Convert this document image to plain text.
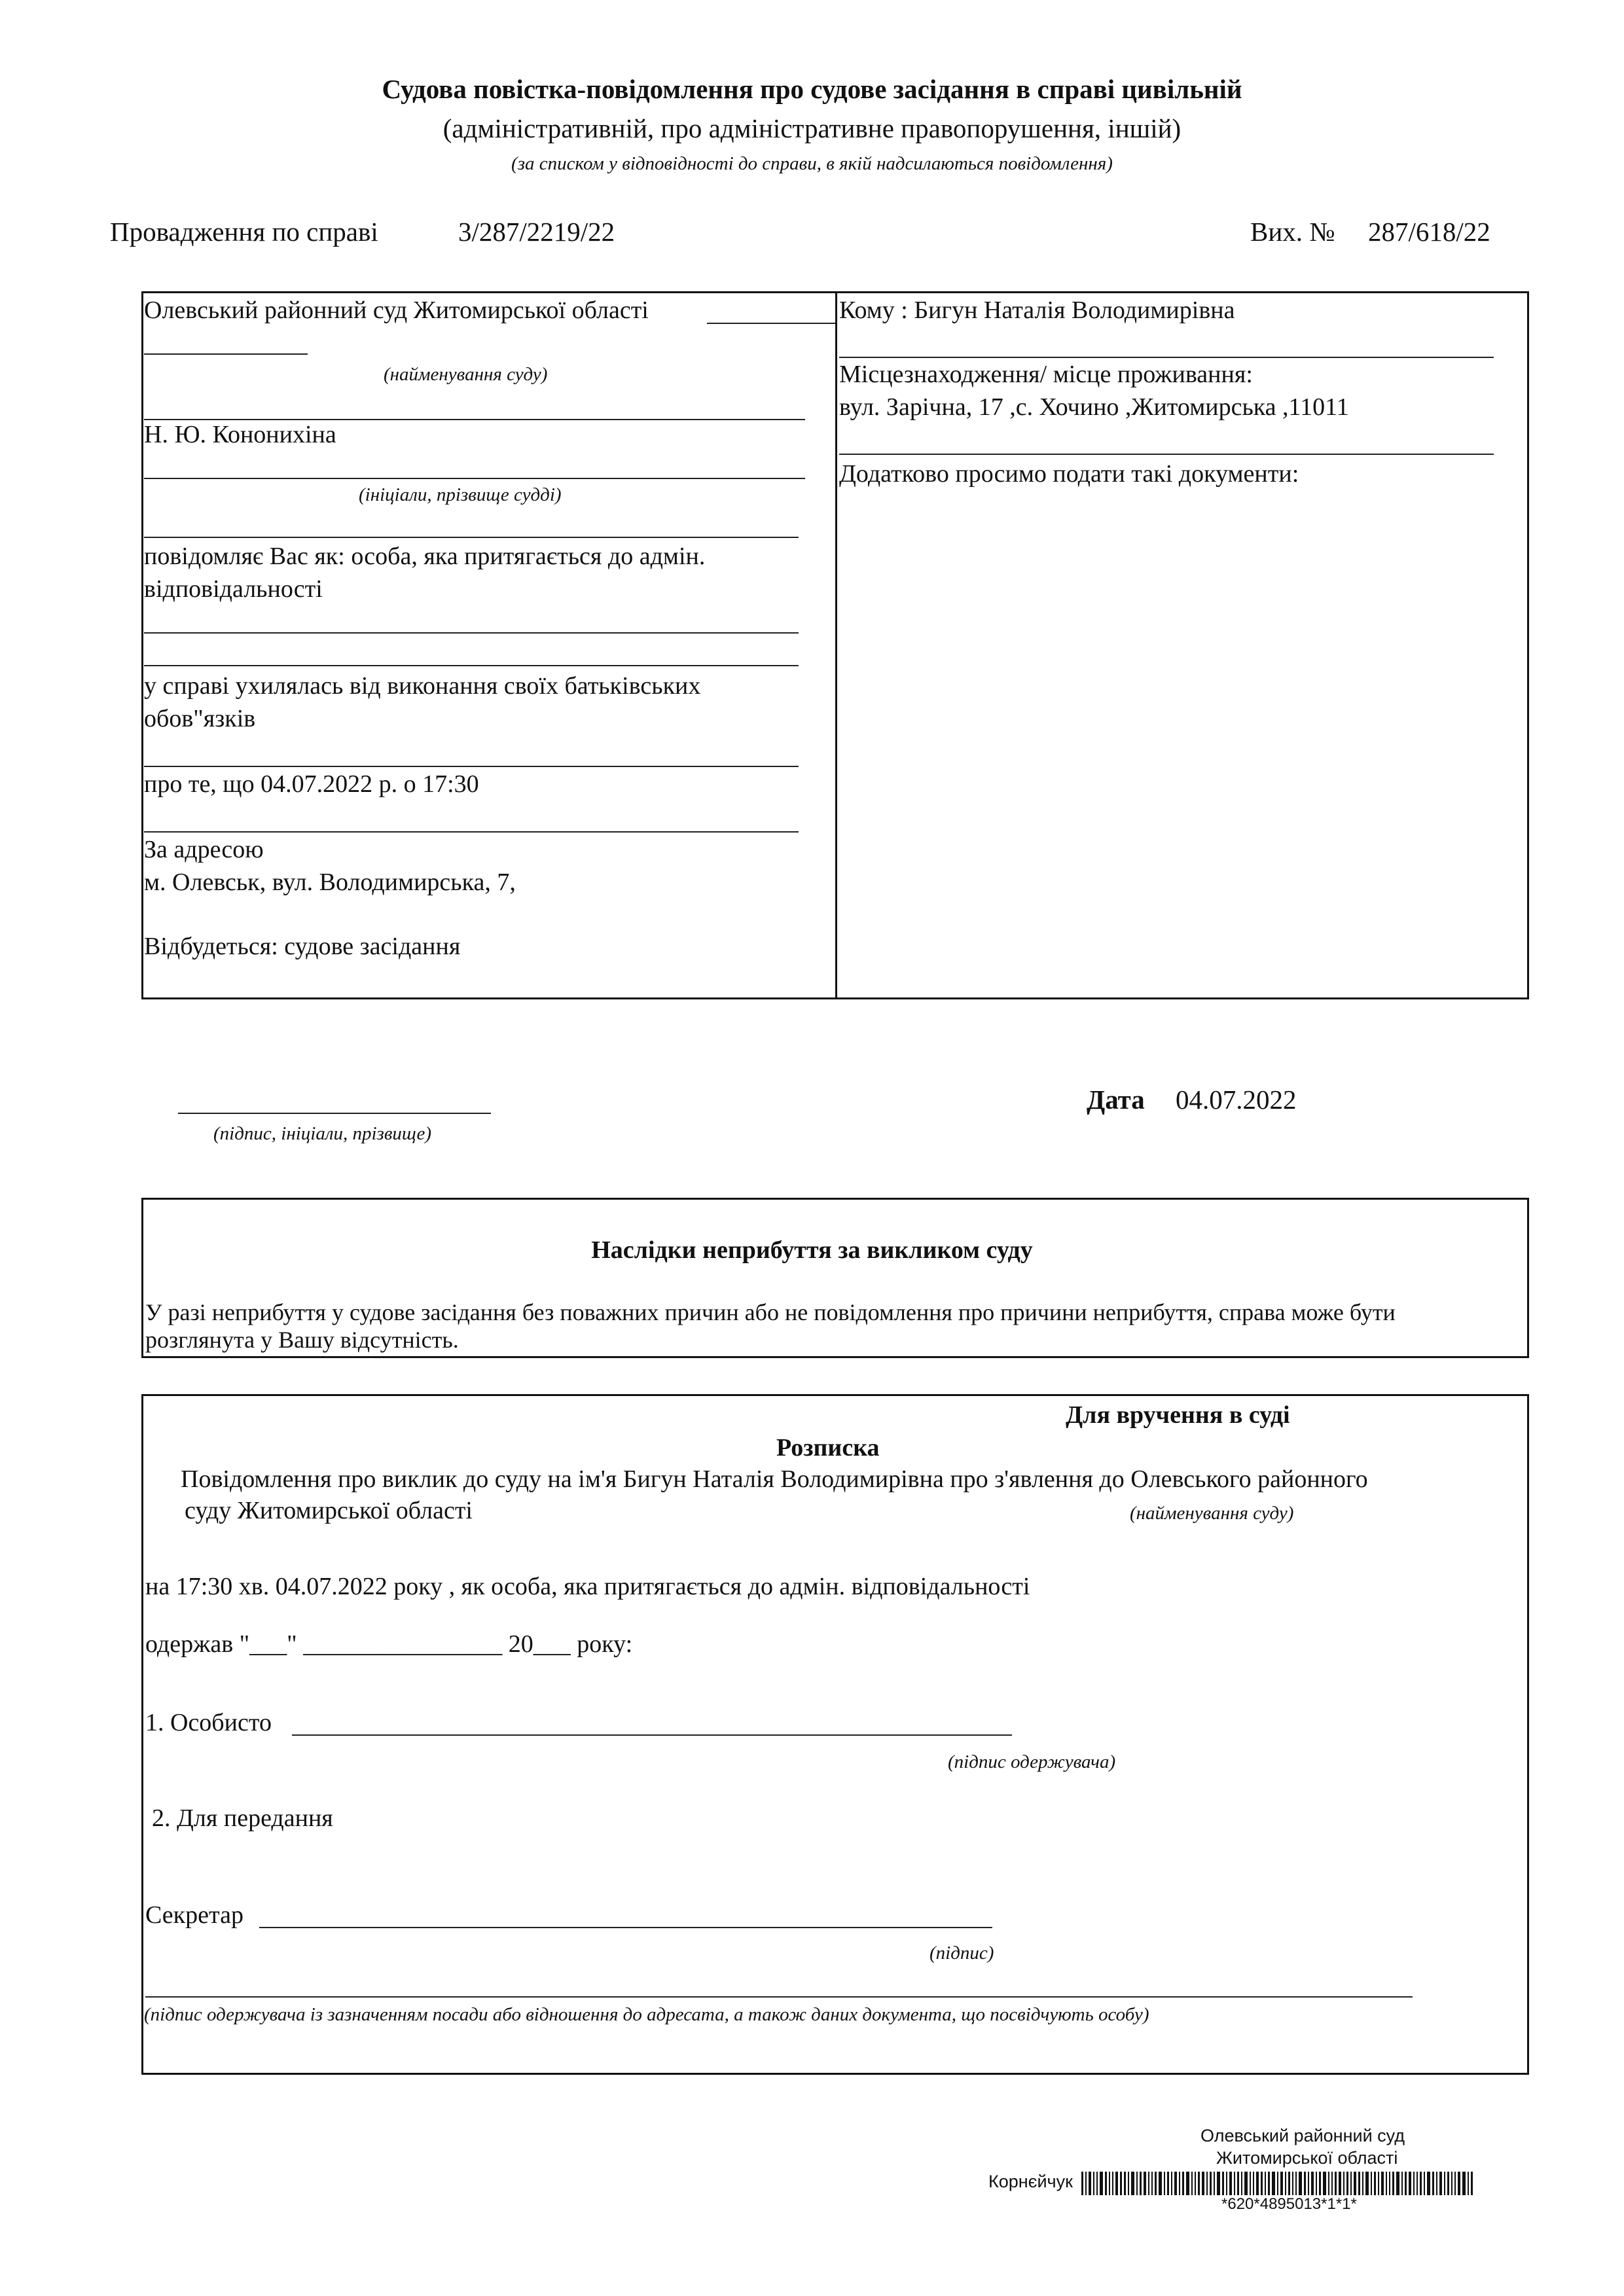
Судова повістка-повідомлення про судове засідання в справі цивільній
(адміністративній, про адміністративне правопорушення, іншій)
(за списком у відповідності до справи, в якій надсилаються повідомлення)
Провадження по справі	3/287/2219/22	Вих. № 287/618/22
Олевський районний суд Житомирської області
(найменування суду)
Н. Ю. Кононихіна
(ініціали, прізвище судді)
повідомляє Вас як: особа, яка притягається до адмін.
відповідальності
у справі ухилялась від виконання своїх батьківських
обов"язків
про те, що 04.07.2022 р. о 17:30
За адресою
м. Олевськ, вул. Володимирська, 7,
Відбудеться: судове засідання
Кому : Бигун Наталія Володимирівна
Місцезнаходження/ місце проживання:
вул. Зарічна, 17 ,с. Хочино ,Житомирська ,11011
Додатково просимо подати такі документи:
(підпис, ініціали, прізвище)
Дата 04.07.2022
Наслідки неприбуття за викликом суду
У разі неприбуття у судове засідання без поважних причин або не повідомлення про причини неприбуття, справа може бути
розглянута у Вашу відсутність.
Для вручення в суді
Розписка
Повідомлення про виклик до суду на ім'я Бигун Наталія Володимирівна про з'явлення до Олевського районного
суду Житомирської області	(найменування суду)
на 17:30 хв. 04.07.2022 року , як особа, яка притягається до адмін. відповідальності
одержав "___" ________________ 20___ року:
1. Особисто
(підпис одержувача)
2. Для передання
Секретар
(підпис)
(підпис одержувача із зазначенням посади або відношення до адресата, а також даних документа, що посвідчують особу)
Олевський районний суд
Житомирської області
Корнєйчук
*620*4895013*1*1*
